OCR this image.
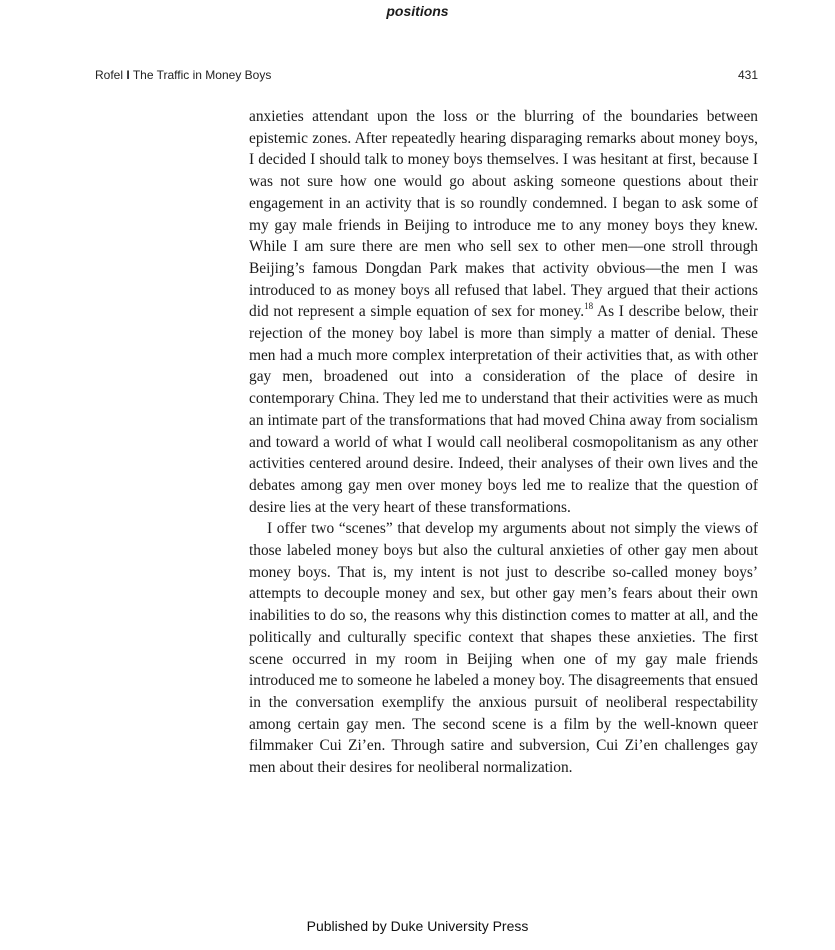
positions
Rofel I The Traffic in Money Boys	431

anxieties attendant upon the loss or the blurring of the boundaries between epistemic zones. After repeatedly hearing disparaging remarks about money boys, I decided I should talk to money boys themselves. I was hesitant at first, because I was not sure how one would go about asking someone questions about their engagement in an activity that is so roundly condemned. I began to ask some of my gay male friends in Beijing to introduce me to any money boys they knew. While I am sure there are men who sell sex to other men—one stroll through Beijing’s famous Dongdan Park makes that activity obvious—the men I was introduced to as money boys all refused that label. They argued that their actions did not represent a simple equation of sex for money.$^{18}$ As I describe below, their rejection of the money boy label is more than simply a matter of denial. These men had a much more complex interpretation of their activities that, as with other gay men, broadened out into a consideration of the place of desire in contemporary China. They led me to understand that their activities were as much an intimate part of the transformations that had moved China away from socialism and toward a world of what I would call neoliberal cosmopolitanism as any other activities centered around desire. Indeed, their analyses of their own lives and the debates among gay men over money boys led me to realize that the question of desire lies at the very heart of these transformations.

I offer two “scenes” that develop my arguments about not simply the views of those labeled money boys but also the cultural anxieties of other gay men about money boys. That is, my intent is not just to describe so-called money boys’ attempts to decouple money and sex, but other gay men’s fears about their own inabilities to do so, the reasons why this distinction comes to matter at all, and the politically and culturally specific context that shapes these anxieties. The first scene occurred in my room in Beijing when one of my gay male friends introduced me to someone he labeled a money boy. The disagreements that ensued in the conversation exemplify the anxious pursuit of neoliberal respectability among certain gay men. The second scene is a film by the well-known queer filmmaker Cui Zi’en. Through satire and subversion, Cui Zi’en challenges gay men about their desires for neoliberal normalization.

Published by Duke University Press
